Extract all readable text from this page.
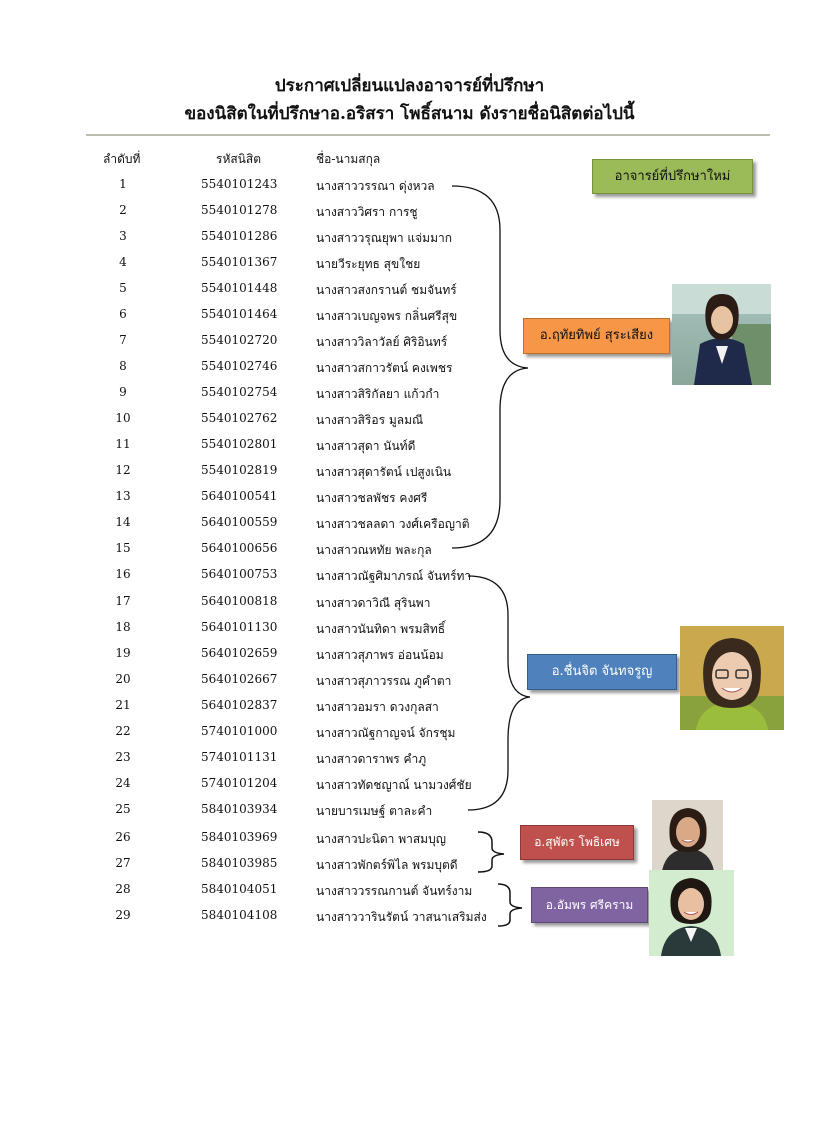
ประกาศเปลี่ยนแปลงอาจารย์ที่ปรึกษา
ของนิสิตในที่ปรึกษาอ.อริสรา โพธิ์สนาม ดังรายชื่อนิสิตต่อไปนี้
ลำดับที่	รหัสนิสิต	ชื่อ-นามสกุล
1	5540101243	นางสาววรรณา ดุ่งหวล
2	5540101278	นางสาววิศรา การชู
3	5540101286	นางสาววรุณยุพา แจ่มมาก
4	5540101367	นายวีระยุทธ สุขใชย
5	5540101448	นางสาวสงกรานต์ ชมจันทร์
6	5540101464	นางสาวเบญจพร กลิ่นศรีสุข
7	5540102720	นางสาววิลาวัลย์ ศิริอินทร์
8	5540102746	นางสาวสกาวรัตน์ คงเพชร
9	5540102754	นางสาวสิริกัลยา แก้วกำ
10	5540102762	นางสาวสิริอร มูลมณี
11	5540102801	นางสาวสุดา นันท์ดี
12	5540102819	นางสาวสุดารัตน์ เปสูงเนิน
13	5640100541	นางสาวชลพัชร คงศรี
14	5640100559	นางสาวชลลดา วงศ์เครือญาติ
15	5640100656	นางสาวณหทัย พละกุล
16	5640100753	นางสาวณัฐศิมาภรณ์ จันทร์ทา
17	5640100818	นางสาวดาวิณี สุรินพา
18	5640101130	นางสาวนันทิดา พรมสิทธิ์
19	5640102659	นางสาวสุภาพร อ่อนน้อม
20	5640102667	นางสาวสุภาวรรณ ภูคำตา
21	5640102837	นางสาวอมรา ดวงกุลสา
22	5740101000	นางสาวณัฐกาญจน์ จักรชุม
23	5740101131	นางสาวดาราพร คำภู
24	5740101204	นางสาวทัดชญาณ์ นามวงศ์ชัย
25	5840103934	นายบารเมษฐ์ ตาละคำ
26	5840103969	นางสาวปะนิดา พาสมบุญ
27	5840103985	นางสาวพักตร์พิไล พรมบุตดี
28	5840104051	นางสาววรรณกานต์ จันทร์งาม
29	5840104108	นางสาววารินรัตน์ วาสนาเสริมส่ง
อาจารย์ที่ปรึกษาใหม่
อ.ฤทัยทิพย์ สุระเสียง
อ.ชื่นจิต จันทจรูญ
อ.สุพัตร โพธิเศษ
อ.อัมพร ศรีคราม
